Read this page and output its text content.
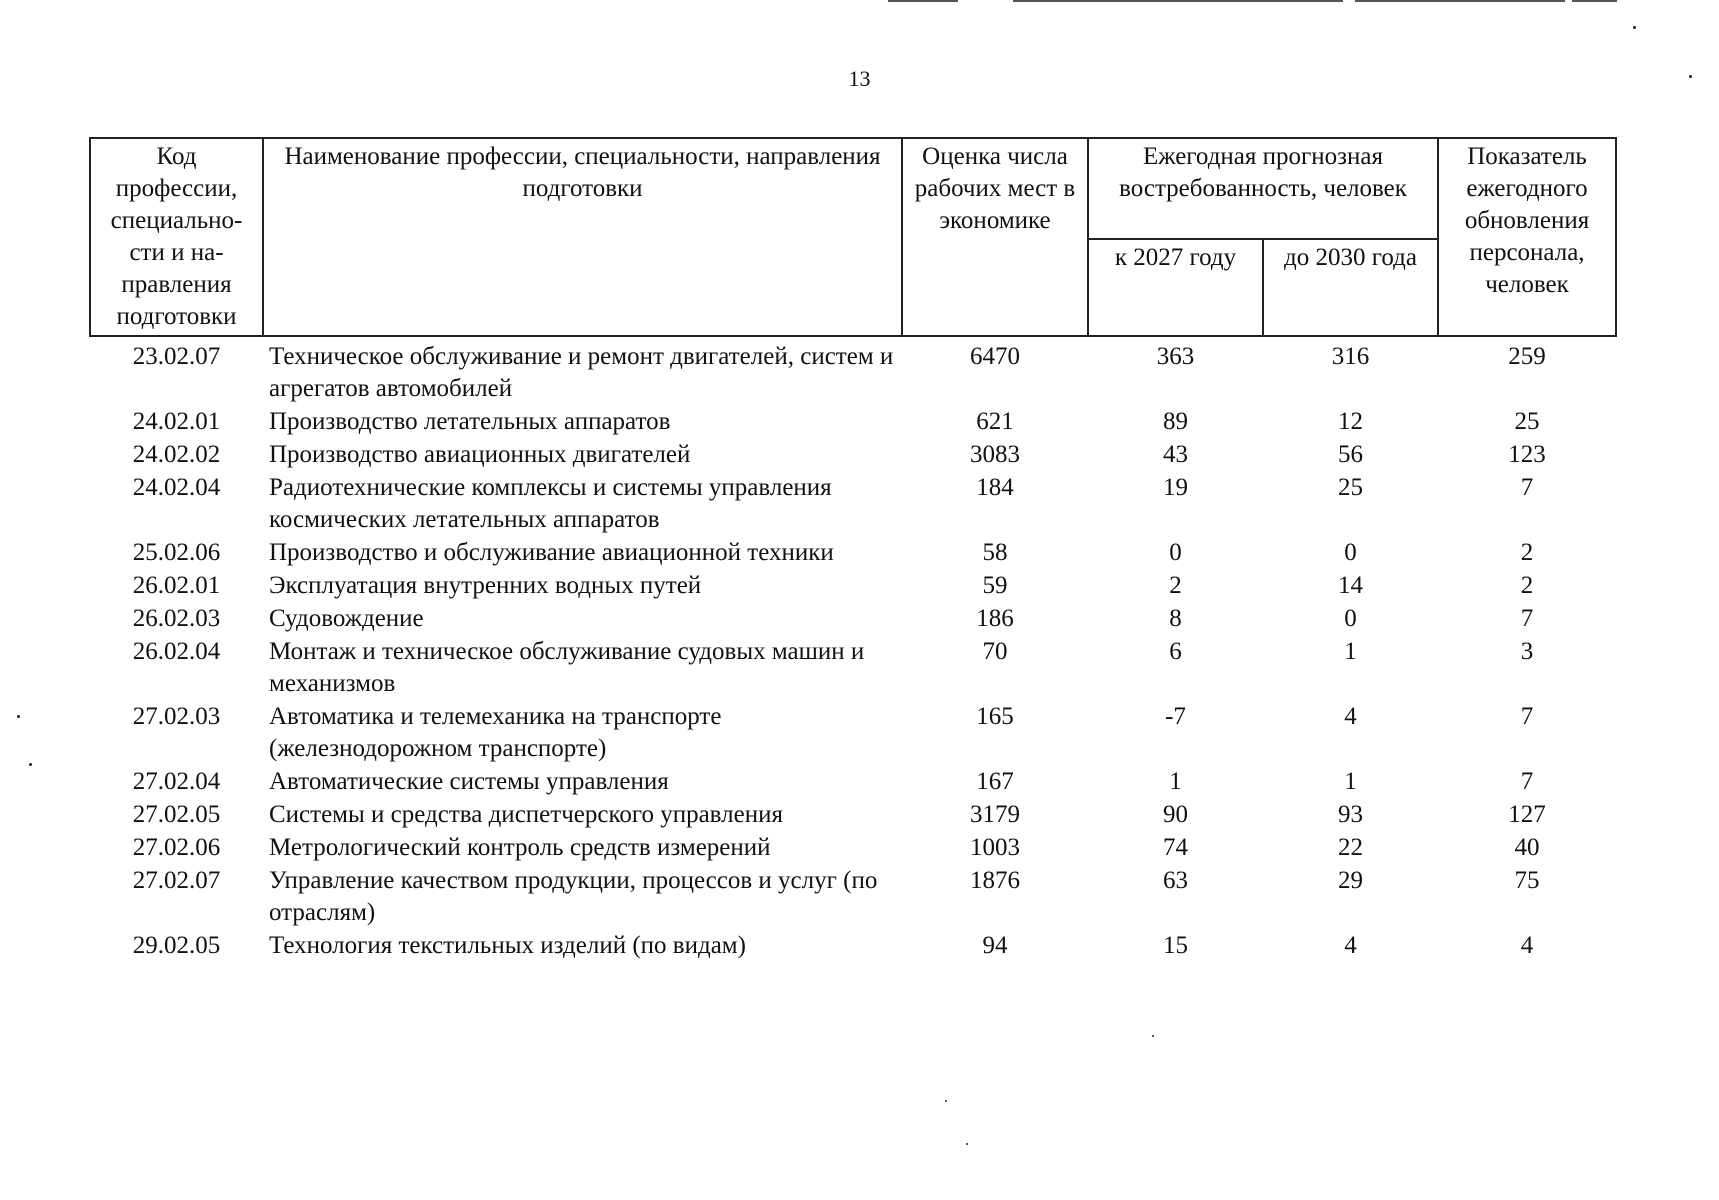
13
Код профессии, специально-сти и на-правления подготовки	Наименование профессии, специальности, направления подготовки	Оценка числа рабочих мест в экономике	Ежегодная прогнозная востребованность, человек		Показатель ежегодного обновления персонала, человек
			к 2027 году	до 2030 года	
23.02.07	Техническое обслуживание и ремонт двигателей, систем и агрегатов автомобилей	6470	363	316	259
24.02.01	Производство летательных аппаратов	621	89	12	25
24.02.02	Производство авиационных двигателей	3083	43	56	123
24.02.04	Радиотехнические комплексы и системы управления космических летательных аппаратов	184	19	25	7
25.02.06	Производство и обслуживание авиационной техники	58	0	0	2
26.02.01	Эксплуатация внутренних водных путей	59	2	14	2
26.02.03	Судовождение	186	8	0	7
26.02.04	Монтаж и техническое обслуживание судовых машин и механизмов	70	6	1	3
27.02.03	Автоматика и телемеханика на транспорте (железнодорожном транспорте)	165	-7	4	7
27.02.04	Автоматические системы управления	167	1	1	7
27.02.05	Системы и средства диспетчерского управления	3179	90	93	127
27.02.06	Метрологический контроль средств измерений	1003	74	22	40
27.02.07	Управление качеством продукции, процессов и услуг (по отраслям)	1876	63	29	75
29.02.05	Технология текстильных изделий (по видам)	94	15	4	4
